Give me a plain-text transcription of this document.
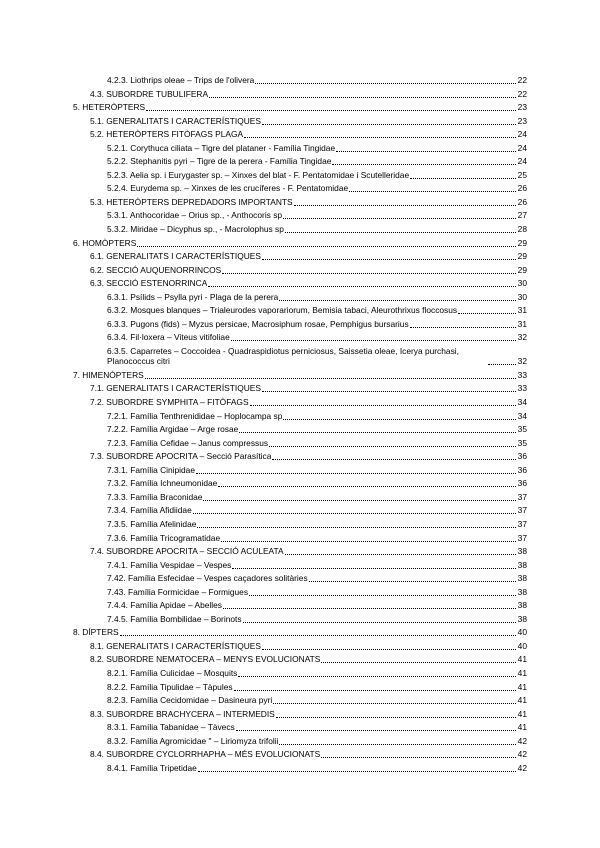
4.2.3. Liothrips oleae – Trips de l'olivera	22
4.3. SUBORDRE TUBULIFERA	22
5. HETERÒPTERS	23
5.1. GENERALITATS I CARACTERÍSTIQUES	23
5.2. HETERÒPTERS FITÒFAGS PLAGA	24
5.2.1. Corythuca ciliata – Tigre del plataner - Família Tingidae	24
5.2.2. Stephanitis pyri – Tigre de la perera - Família Tingidae	24
5.2.3. Aelia sp. i Eurygaster sp. – Xinxes del blat - F. Pentatomidae i Scutelleridae	25
5.2.4. Eurydema sp. – Xinxes de les crucíferes - F. Pentatomidae	26
5.3. HETERÒPTERS DEPREDADORS IMPORTANTS	26
5.3.1. Anthocoridae – Orius sp., - Anthocoris sp	27
5.3.2. Miridae – Dicyphus sp., - Macrolophus sp	28
6. HOMÒPTERS	29
6.1. GENERALITATS I CARACTERÍSTIQUES	29
6.2. SECCIÓ AUQUENORRINCOS	29
6.3. SECCIÓ ESTENORRINCA	30
6.3.1. Psílids – Psylla pyri - Plaga de la perera	30
6.3.2. Mosques blanques – Trialeurodes vaporariorum, Bemisia tabaci, Aleurothrixus floccosus	31
6.3.3. Pugons (fids) – Myzus persicae, Macrosiphum rosae, Pemphigus bursarius	31
6.3.4. Fil·loxera – Viteus vitifoliae	32
6.3.5. Caparretes – Coccoidea - Quadraspidiotus perniciosus, Saissetia oleae, Icerya purchasi, Planococcus citri	32
7. HIMENÒPTERS	33
7.1. GENERALITATS I CARACTERÍSTIQUES	33
7.2. SUBORDRE SYMPHITA – FITÒFAGS	34
7.2.1. Família Tenthrenididae – Hoplocampa sp	34
7.2.2. Família Argidae – Arge rosae	35
7.2.3. Família Cefidae – Janus compressus	35
7.3. SUBORDRE APOCRITA – Secció Parasítica	36
7.3.1. Família Cinipidae	36
7.3.2. Família Ichneumonidae	36
7.3.3. Família Braconidae	37
7.3.4. Família Afidiidae	37
7.3.5. Família Afelinidae	37
7.3.6. Família Tricogramatidae	37
7.4. SUBORDRE APOCRITA – SECCIÓ ACULEATA	38
7.4.1. Família Vespidae – Vespes	38
7.42. Família Esfecidae – Vespes caçadores solitàries	38
7.43. Família Formicidae – Formigues	38
7.4.4. Família Apidae – Abelles	38
7.4.5. Família Bombilidae – Borinots	38
8. DÍPTERS	40
8.1. GENERALITATS I CARACTERÍSTIQUES	40
8.2. SUBORDRE NEMATOCERA – MENYS EVOLUCIONATS	41
8.2.1. Família Culicidae – Mosquits	41
8.2.2. Família Tipulidae – Tàpules	41
8.2.3. Família Cecidomidae – Dasineura pyri	41
8.3. SUBORDRE BRACHYCERA – INTERMEDIS	41
8.3.1. Família Tabanidae – Tàvecs	41
8.3.2. Família Agromicidae " – Liriomyza trifolii	42
8.4. SUBORDRE CYCLORRHAPHA – MÉS EVOLUCIONATS	42
8.4.1. Família Tripetidae	42
